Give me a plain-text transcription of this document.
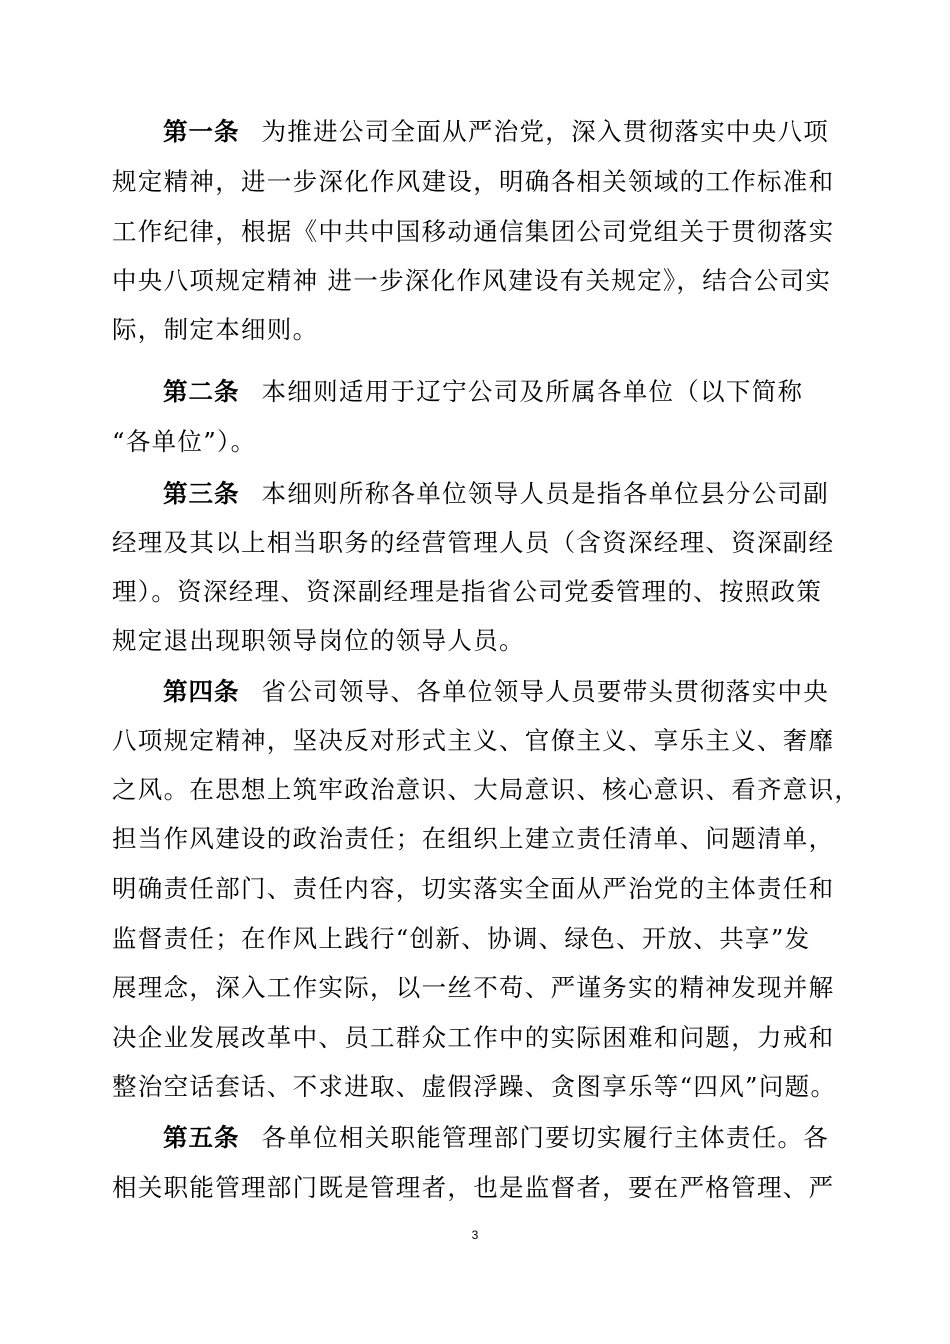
第一条 为推进公司全面从严治党，深入贯彻落实中央八项
规定精神，进一步深化作风建设，明确各相关领域的工作标准和
工作纪律，根据《中共中国移动通信集团公司党组关于贯彻落实
中央八项规定精神 进一步深化作风建设有关规定》，结合公司实
际，制定本细则。
第二条 本细则适用于辽宁公司及所属各单位（以下简称
“各单位”）。
第三条 本细则所称各单位领导人员是指各单位县分公司副
经理及其以上相当职务的经营管理人员（含资深经理、资深副经
理）。资深经理、资深副经理是指省公司党委管理的、按照政策
规定退出现职领导岗位的领导人员。
第四条 省公司领导、各单位领导人员要带头贯彻落实中央
八项规定精神，坚决反对形式主义、官僚主义、享乐主义、奢靡
之风。在思想上筑牢政治意识、大局意识、核心意识、看齐意识，
担当作风建设的政治责任；在组织上建立责任清单、问题清单，
明确责任部门、责任内容，切实落实全面从严治党的主体责任和
监督责任；在作风上践行“创新、协调、绿色、开放、共享”发
展理念，深入工作实际，以一丝不苟、严谨务实的精神发现并解
决企业发展改革中、员工群众工作中的实际困难和问题，力戒和
整治空话套话、不求进取、虚假浮躁、贪图享乐等“四风”问题。
第五条 各单位相关职能管理部门要切实履行主体责任。各
相关职能管理部门既是管理者，也是监督者，要在严格管理、严
3
